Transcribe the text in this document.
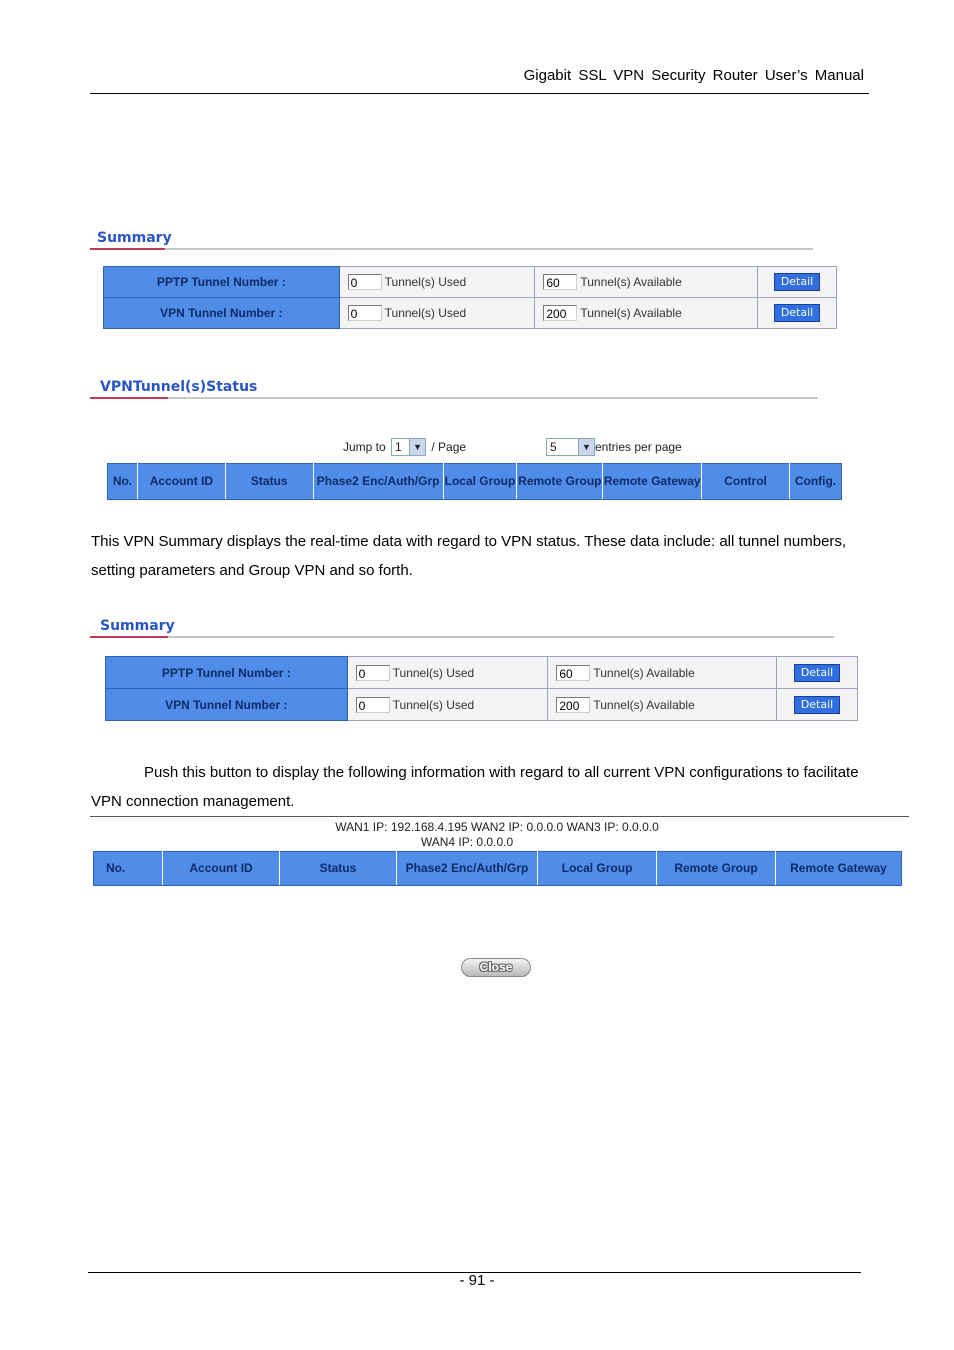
Gigabit SSL VPN Security Router User’s Manual
Summary
PPTP Tunnel Number :	0 Tunnel(s) Used	60 Tunnel(s) Available	Detail

VPN Tunnel Number :	0 Tunnel(s) Used	200 Tunnel(s) Available	Detail
VPNTunnel(s)Status
Jump to 1	▼ / Page	5	▼ entries per page
No.	Account ID	Status	Phase2 Enc/Auth/Grp	Local Group	Remote Group	Remote Gateway	Control	Config.
This VPN Summary displays the real-time data with regard to VPN status. These data include: all tunnel numbers, setting parameters and Group VPN and so forth.
Summary
PPTP Tunnel Number :	0 Tunnel(s) Used	60 Tunnel(s) Available	Detail

VPN Tunnel Number :	0 Tunnel(s) Used	200 Tunnel(s) Available	Detail
Push this button to display the following information with regard to all current VPN configurations to facilitate VPN connection management.
WAN1 IP: 192.168.4.195 WAN2 IP: 0.0.0.0 WAN3 IP: 0.0.0.0
WAN4 IP: 0.0.0.0
No.	Account ID	Status	Phase2 Enc/Auth/Grp	Local Group	Remote Group	Remote Gateway
Close
- 91 -
